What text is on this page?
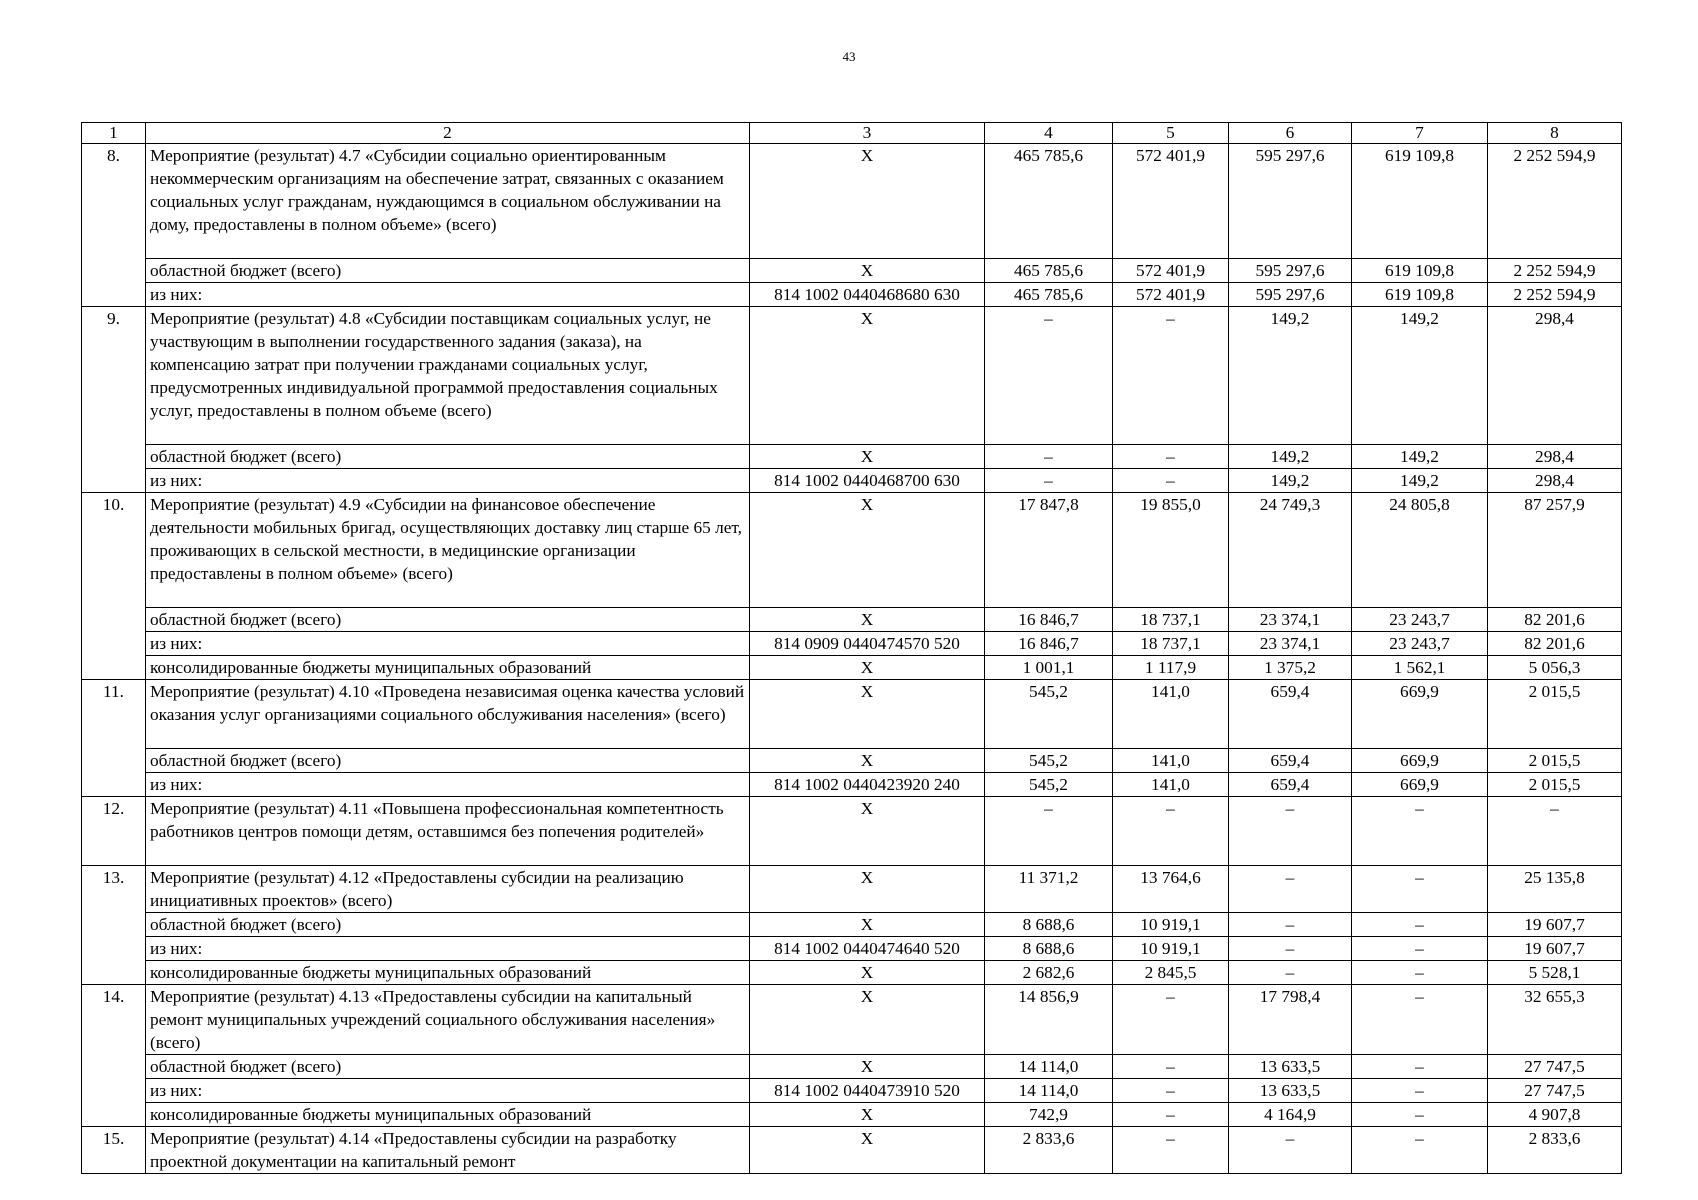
43
1	2	3	4	5	6	7	8
8.	Мероприятие (результат) 4.7 «Субсидии социально ориентированным некоммерческим организациям на обеспечение затрат, связанных с оказанием социальных услуг гражданам, нуждающимся в социальном обслуживании на дому, предоставлены в полном объеме» (всего)	Х	465 785,6	572 401,9	595 297,6	619 109,8	2 252 594,9
	областной бюджет (всего)	Х	465 785,6	572 401,9	595 297,6	619 109,8	2 252 594,9
	из них:	814 1002 0440468680 630	465 785,6	572 401,9	595 297,6	619 109,8	2 252 594,9
9.	Мероприятие (результат) 4.8 «Субсидии поставщикам социальных услуг, не участвующим в выполнении государственного задания (заказа), на компенсацию затрат при получении гражданами социальных услуг, предусмотренных индивидуальной программой предоставления социальных услуг, предоставлены в полном объеме (всего)	Х	–	–	149,2	149,2	298,4
	областной бюджет (всего)	Х	–	–	149,2	149,2	298,4
	из них:	814 1002 0440468700 630	–	–	149,2	149,2	298,4
10.	Мероприятие (результат) 4.9 «Субсидии на финансовое обеспечение деятельности мобильных бригад, осуществляющих доставку лиц старше 65 лет, проживающих в сельской местности, в медицинские организации предоставлены в полном объеме» (всего)	Х	17 847,8	19 855,0	24 749,3	24 805,8	87 257,9
	областной бюджет (всего)	Х	16 846,7	18 737,1	23 374,1	23 243,7	82 201,6
	из них:	814 0909 0440474570 520	16 846,7	18 737,1	23 374,1	23 243,7	82 201,6
	консолидированные бюджеты муниципальных образований	Х	1 001,1	1 117,9	1 375,2	1 562,1	5 056,3
11.	Мероприятие (результат) 4.10 «Проведена независимая оценка качества условий оказания услуг организациями социального обслуживания населения» (всего)	Х	545,2	141,0	659,4	669,9	2 015,5
	областной бюджет (всего)	Х	545,2	141,0	659,4	669,9	2 015,5
	из них:	814 1002 0440423920 240	545,2	141,0	659,4	669,9	2 015,5
12.	Мероприятие (результат) 4.11 «Повышена профессиональная компетентность работников центров помощи детям, оставшимся без попечения родителей»	Х	–	–	–	–	–
13.	Мероприятие (результат) 4.12 «Предоставлены субсидии на реализацию инициативных проектов» (всего)	Х	11 371,2	13 764,6	–	–	25 135,8
	областной бюджет (всего)	Х	8 688,6	10 919,1	–	–	19 607,7
	из них:	814 1002 0440474640 520	8 688,6	10 919,1	–	–	19 607,7
	консолидированные бюджеты муниципальных образований	Х	2 682,6	2 845,5	–	–	5 528,1
14.	Мероприятие (результат) 4.13 «Предоставлены субсидии на капитальный ремонт муниципальных учреждений социального обслуживания населения» (всего)	Х	14 856,9	–	17 798,4	–	32 655,3
	областной бюджет (всего)	Х	14 114,0	–	13 633,5	–	27 747,5
	из них:	814 1002 0440473910 520	14 114,0	–	13 633,5	–	27 747,5
	консолидированные бюджеты муниципальных образований	Х	742,9	–	4 164,9	–	4 907,8
15.	Мероприятие (результат) 4.14 «Предоставлены субсидии на разработку проектной документации на капитальный ремонт	Х	2 833,6	–	–	–	2 833,6
